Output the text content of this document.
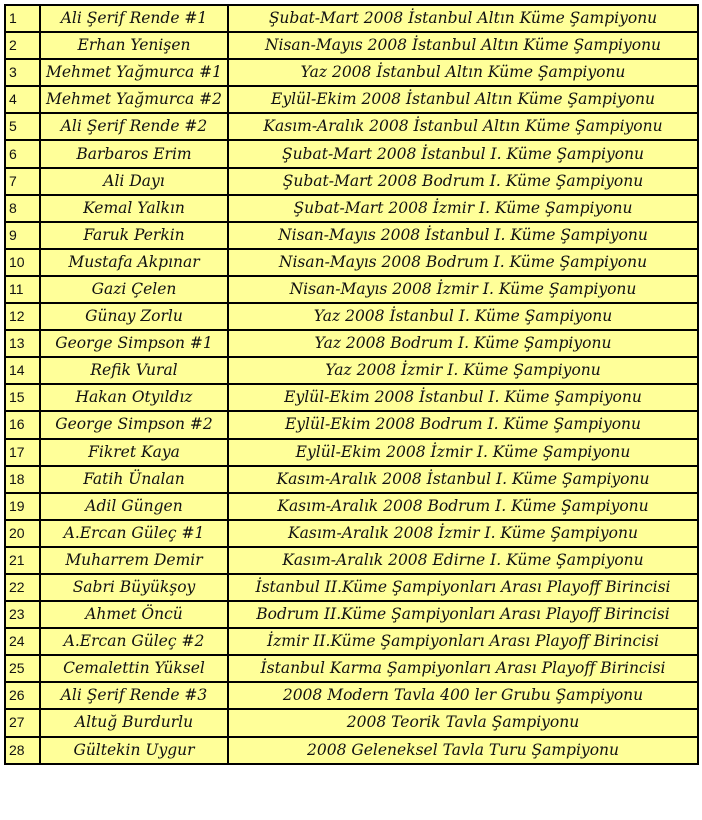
1	Ali Şerif Rende #1	Şubat-Mart 2008 İstanbul Altın Küme Şampiyonu
2	Erhan Yenişen	Nisan-Mayıs 2008 İstanbul Altın Küme Şampiyonu
3	Mehmet Yağmurca #1	Yaz 2008 İstanbul Altın Küme Şampiyonu
4	Mehmet Yağmurca #2	Eylül-Ekim 2008 İstanbul Altın Küme Şampiyonu
5	Ali Şerif Rende #2	Kasım-Aralık 2008 İstanbul Altın Küme Şampiyonu
6	Barbaros Erim	Şubat-Mart 2008 İstanbul I. Küme Şampiyonu
7	Ali Dayı	Şubat-Mart 2008 Bodrum I. Küme Şampiyonu
8	Kemal Yalkın	Şubat-Mart 2008 İzmir I. Küme Şampiyonu
9	Faruk Perkin	Nisan-Mayıs 2008 İstanbul I. Küme Şampiyonu
10	Mustafa Akpınar	Nisan-Mayıs 2008 Bodrum I. Küme Şampiyonu
11	Gazi Çelen	Nisan-Mayıs 2008 İzmir I. Küme Şampiyonu
12	Günay Zorlu	Yaz 2008 İstanbul I. Küme Şampiyonu
13	George Simpson #1	Yaz 2008 Bodrum I. Küme Şampiyonu
14	Refik Vural	Yaz 2008 İzmir I. Küme Şampiyonu
15	Hakan Otyıldız	Eylül-Ekim 2008 İstanbul I. Küme Şampiyonu
16	George Simpson #2	Eylül-Ekim 2008 Bodrum I. Küme Şampiyonu
17	Fikret Kaya	Eylül-Ekim 2008 İzmir I. Küme Şampiyonu
18	Fatih Ünalan	Kasım-Aralık 2008 İstanbul I. Küme Şampiyonu
19	Adil Güngen	Kasım-Aralık 2008 Bodrum I. Küme Şampiyonu
20	A.Ercan Güleç #1	Kasım-Aralık 2008 İzmir I. Küme Şampiyonu
21	Muharrem Demir	Kasım-Aralık 2008 Edirne I. Küme Şampiyonu
22	Sabri Büyükşoy	İstanbul II.Küme Şampiyonları Arası Playoff Birincisi
23	Ahmet Öncü	Bodrum II.Küme Şampiyonları Arası Playoff Birincisi
24	A.Ercan Güleç #2	İzmir II.Küme Şampiyonları Arası Playoff Birincisi
25	Cemalettin Yüksel	İstanbul Karma Şampiyonları Arası Playoff Birincisi
26	Ali Şerif Rende #3	2008 Modern Tavla 400 ler Grubu Şampiyonu
27	Altuğ Burdurlu	2008 Teorik Tavla Şampiyonu
28	Gültekin Uygur	2008 Geleneksel Tavla Turu Şampiyonu
